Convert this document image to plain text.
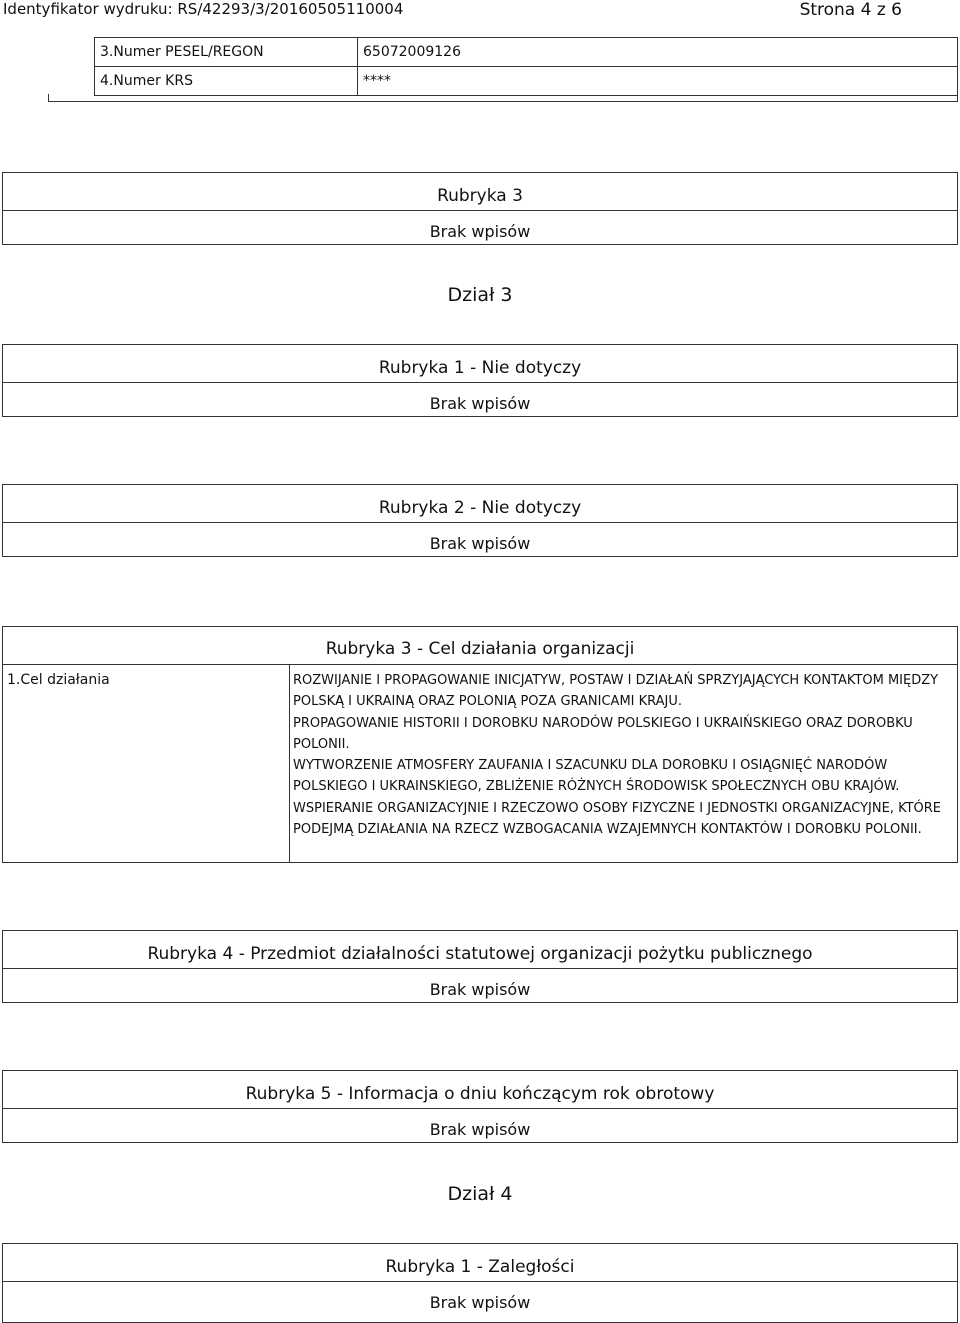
Identyfikator wydruku: RS/42293/3/20160505110004	Strona 4 z 6
3.Numer PESEL/REGON	65072009126
4.Numer KRS	****
Rubryka 3
Brak wpisów
Dział 3
Rubryka 1 - Nie dotyczy
Brak wpisów
Rubryka 2 - Nie dotyczy
Brak wpisów
Rubryka 3 - Cel działania organizacji
1.Cel działania	ROZWIJANIE I PROPAGOWANIE INICJATYW, POSTAW I DZIAŁAŃ SPRZYJAJĄCYCH KONTAKTOM MIĘDZY POLSKĄ I UKRAINĄ ORAZ POLONIĄ POZA GRANICAMI KRAJU.

PROPAGOWANIE HISTORII I DOROBKU NARODÓW POLSKIEGO I UKRAIŃSKIEGO ORAZ DOROBKU POLONII.

WYTWORZENIE ATMOSFERY ZAUFANIA I SZACUNKU DLA DOROBKU I OSIĄGNIĘĆ NARODÓW POLSKIEGO I UKRAINSKIEGO, ZBLIŻENIE RÓŻNYCH ŚRODOWISK SPOŁECZNYCH OBU KRAJÓW.

WSPIERANIE ORGANIZACYJNIE I RZECZOWO OSOBY FIZYCZNE I JEDNOSTKI ORGANIZACYJNE, KTÓRE PODEJMĄ DZIAŁANIA NA RZECZ WZBOGACANIA WZAJEMNYCH KONTAKTÓW I DOROBKU POLONII.

Rubryka 4 - Przedmiot działalności statutowej organizacji pożytku publicznego
Brak wpisów
Rubryka 5 - Informacja o dniu kończącym rok obrotowy
Brak wpisów
Dział 4
Rubryka 1 - Zaległości
Brak wpisów
